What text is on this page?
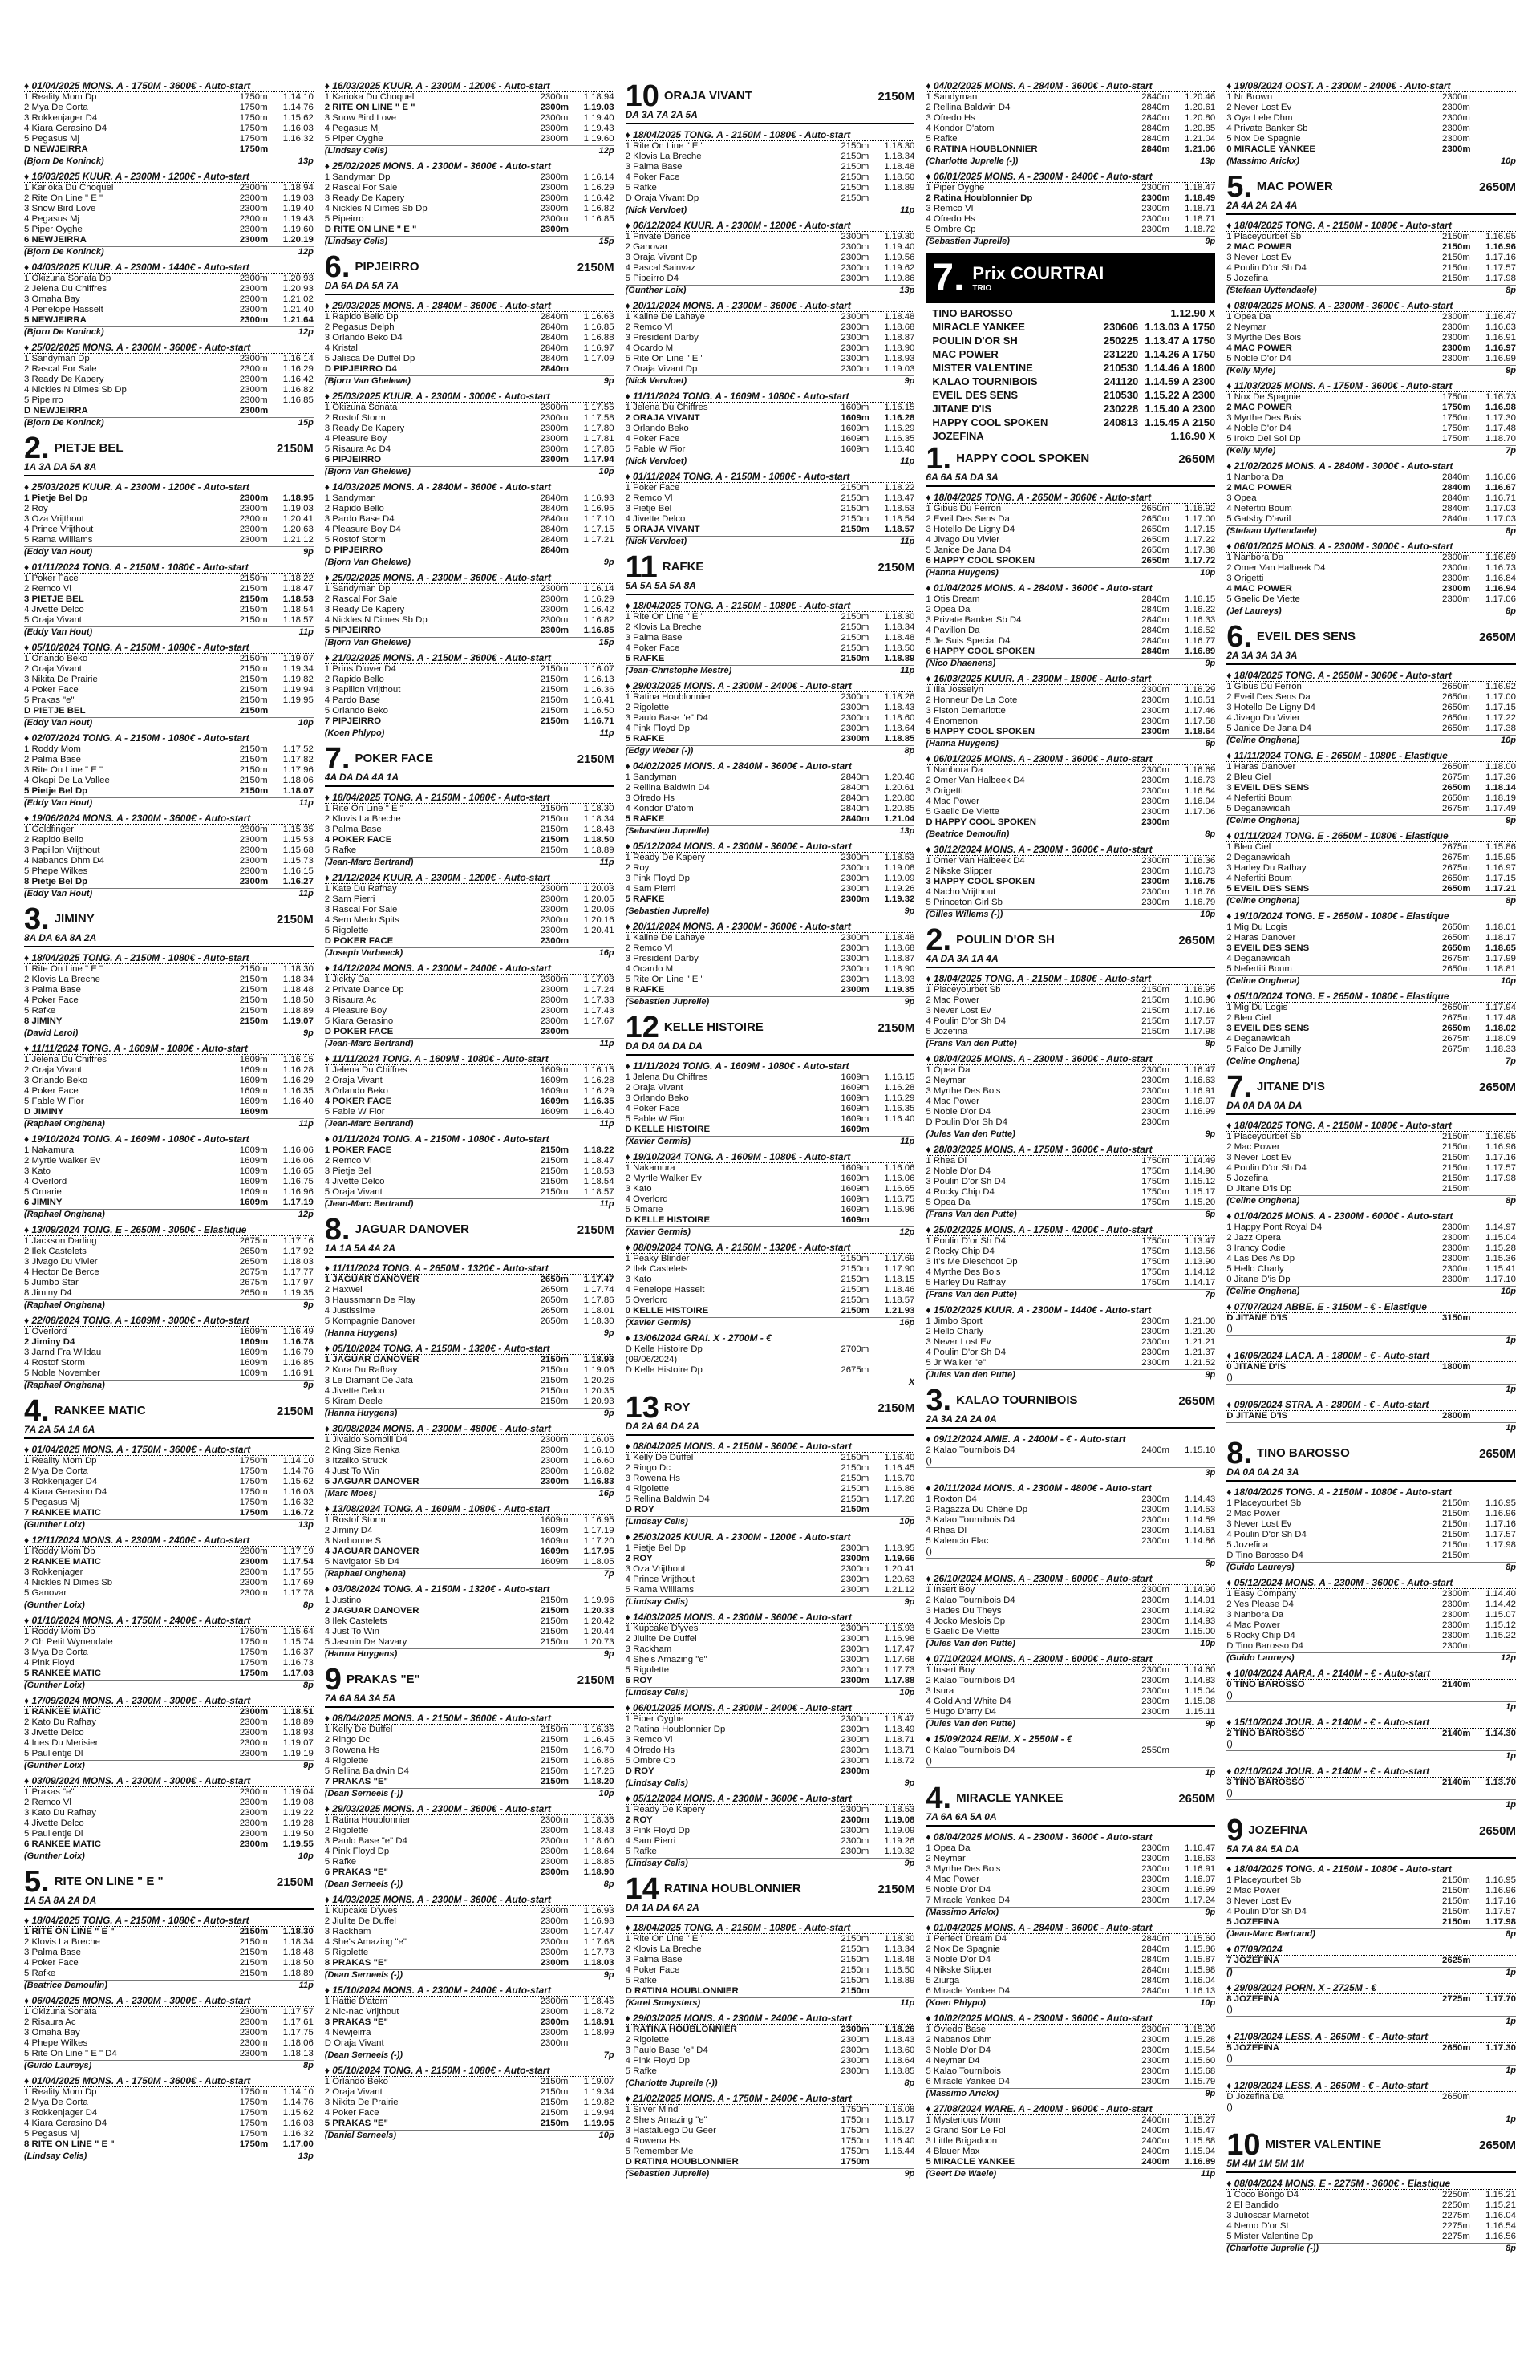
♦ 01/04/2025 MONS. A - 1750M - 3600€ - Auto-start
1 Reality Mom Dp	1750m	1.14.10
2 Mya De Corta	1750m	1.14.76
3 Rokkenjager D4	1750m	1.15.62
4 Kiara Gerasino D4	1750m	1.16.03
5 Pegasus Mj	1750m	1.16.32
D NEWJEIRRA	1750m
(Bjorn De Koninck)	13p
♦ 16/03/2025 KUUR. A - 2300M - 1200€ - Auto-start
1 Karioka Du Choquel	2300m	1.18.94
2 Rite On Line " E "	2300m	1.19.03
3 Snow Bird Love	2300m	1.19.40
4 Pegasus Mj	2300m	1.19.43
5 Piper Oyghe	2300m	1.19.60
6 NEWJEIRRA	2300m	1.20.19
(Bjorn De Koninck)	12p
♦ 04/03/2025 KUUR. A - 2300M - 1440€ - Auto-start
1 Okizuna Sonata Dp	2300m	1.20.93
2 Jelena Du Chiffres	2300m	1.20.93
3 Omaha Bay	2300m	1.21.02
4 Penelope Hasselt	2300m	1.21.40
5 NEWJEIRRA	2300m	1.21.64
(Bjorn De Koninck)	12p
♦ 25/02/2025 MONS. A - 2300M - 3600€ - Auto-start
1 Sandyman Dp	2300m	1.16.14
2 Rascal For Sale	2300m	1.16.29
3 Ready De Kapery	2300m	1.16.42
4 Nickles N Dimes Sb Dp	2300m	1.16.82
5 Pipeirro	2300m	1.16.85
D NEWJEIRRA	2300m
(Bjorn De Koninck)	15p
2. PIETJE BEL	2150M
1A 3A DA 5A 8A
♦ 25/03/2025 KUUR. A - 2300M - 1200€ - Auto-start
1 Pietje Bel Dp	2300m	1.18.95
2 Roy	2300m	1.19.03
3 Oza Vrijthout	2300m	1.20.41
4 Prince Vrijthout	2300m	1.20.63
5 Rama Williams	2300m	1.21.12
(Eddy Van Hout)	9p
♦ 01/11/2024 TONG. A - 2150M - 1080€ - Auto-start
1 Poker Face	2150m	1.18.22
2 Remco Vl	2150m	1.18.47
3 PIETJE BEL	2150m	1.18.53
4 Jivette Delco	2150m	1.18.54
5 Oraja Vivant	2150m	1.18.57
(Eddy Van Hout)	11p
♦ 05/10/2024 TONG. A - 2150M - 1080€ - Auto-start
1 Orlando Beko	2150m	1.19.07
2 Oraja Vivant	2150m	1.19.34
3 Nikita De Prairie	2150m	1.19.82
4 Poker Face	2150m	1.19.94
5 Prakas "e"	2150m	1.19.95
D PIETJE BEL	2150m
(Eddy Van Hout)	10p
♦ 02/07/2024 TONG. A - 2150M - 1080€ - Auto-start
1 Roddy Mom	2150m	1.17.52
2 Palma Base	2150m	1.17.82
3 Rite On Line " E "	2150m	1.17.96
4 Okapi De La Vallee	2150m	1.18.06
5 Pietje Bel Dp	2150m	1.18.07
(Eddy Van Hout)	11p
♦ 19/06/2024 MONS. A - 2300M - 3600€ - Auto-start
1 Goldfinger	2300m	1.15.35
2 Rapido Bello	2300m	1.15.53
3 Papillon Vrijthout	2300m	1.15.68
4 Nabanos Dhm D4	2300m	1.15.73
5 Phepe Wilkes	2300m	1.16.15
8 Pietje Bel Dp	2300m	1.16.27
(Eddy Van Hout)	11p
3. JIMINY	2150M
8A DA 6A 8A 2A
♦ 18/04/2025 TONG. A - 2150M - 1080€ - Auto-start
1 Rite On Line " E "	2150m	1.18.30
2 Klovis La Breche	2150m	1.18.34
3 Palma Base	2150m	1.18.48
4 Poker Face	2150m	1.18.50
5 Rafke	2150m	1.18.89
8 JIMINY	2150m	1.19.07
(David Leroi)	9p
♦ 11/11/2024 TONG. A - 1609M - 1080€ - Auto-start
1 Jelena Du Chiffres	1609m	1.16.15
2 Oraja Vivant	1609m	1.16.28
3 Orlando Beko	1609m	1.16.29
4 Poker Face	1609m	1.16.35
5 Fable W Fior	1609m	1.16.40
D JIMINY	1609m
(Raphael Onghena)	11p
♦ 19/10/2024 TONG. A - 1609M - 1080€ - Auto-start
1 Nakamura	1609m	1.16.06
2 Myrtle Walker Ev	1609m	1.16.06
3 Kato	1609m	1.16.65
4 Overlord	1609m	1.16.75
5 Omarie	1609m	1.16.96
6 JIMINY	1609m	1.17.19
(Raphael Onghena)	12p
♦ 13/09/2024 TONG. E - 2650M - 3060€ - Elastique
1 Jackson Darling	2675m	1.17.16
2 Ilek Castelets	2650m	1.17.92
3 Jivago Du Vivier	2650m	1.18.03
4 Hector De Berce	2675m	1.17.77
5 Jumbo Star	2675m	1.17.97
8 Jiminy D4	2650m	1.19.35
(Raphael Onghena)	9p
♦ 22/08/2024 TONG. A - 1609M - 3000€ - Auto-start
1 Overlord	1609m	1.16.49
2 Jiminy D4	1609m	1.16.78
3 Jarnd Fra Wildau	1609m	1.16.79
4 Rostof Storm	1609m	1.16.85
5 Noble November	1609m	1.16.91
(Raphael Onghena)	9p
4. RANKEE MATIC	2150M
7A 2A 5A 1A 6A
♦ 01/04/2025 MONS. A - 1750M - 3600€ - Auto-start
1 Reality Mom Dp	1750m	1.14.10
2 Mya De Corta	1750m	1.14.76
3 Rokkenjager D4	1750m	1.15.62
4 Kiara Gerasino D4	1750m	1.16.03
5 Pegasus Mj	1750m	1.16.32
7 RANKEE MATIC	1750m	1.16.72
(Gunther Loix)	13p
♦ 12/11/2024 MONS. A - 2300M - 2400€ - Auto-start
1 Roddy Mom Dp	2300m	1.17.19
2 RANKEE MATIC	2300m	1.17.54
3 Rokkenjager	2300m	1.17.55
4 Nickles N Dimes Sb	2300m	1.17.69
5 Ganovar	2300m	1.17.78
(Gunther Loix)	8p
♦ 01/10/2024 MONS. A - 1750M - 2400€ - Auto-start
1 Roddy Mom Dp	1750m	1.15.64
2 Oh Petit Wynendale	1750m	1.15.74
3 Mya De Corta	1750m	1.16.37
4 Pink Floyd	1750m	1.16.73
5 RANKEE MATIC	1750m	1.17.03
(Gunther Loix)	8p
♦ 17/09/2024 MONS. A - 2300M - 3000€ - Auto-start
1 RANKEE MATIC	2300m	1.18.51
2 Kato Du Rafhay	2300m	1.18.89
3 Jivette Delco	2300m	1.18.93
4 Ines Du Merisier	2300m	1.19.07
5 Paulientje Dl	2300m	1.19.19
(Gunther Loix)	9p
♦ 03/09/2024 MONS. A - 2300M - 3000€ - Auto-start
1 Prakas "e"	2300m	1.19.04
2 Remco Vl	2300m	1.19.08
3 Kato Du Rafhay	2300m	1.19.22
4 Jivette Delco	2300m	1.19.28
5 Paulientje Dl	2300m	1.19.50
6 RANKEE MATIC	2300m	1.19.55
(Gunther Loix)	10p
5. RITE ON LINE " E "	2150M
1A 5A 8A 2A DA
♦ 18/04/2025 TONG. A - 2150M - 1080€ - Auto-start
1 RITE ON LINE " E "	2150m	1.18.30
2 Klovis La Breche	2150m	1.18.34
3 Palma Base	2150m	1.18.48
4 Poker Face	2150m	1.18.50
5 Rafke	2150m	1.18.89
(Beatrice Demoulin)	11p
♦ 06/04/2025 MONS. A - 2300M - 3000€ - Auto-start
1 Okizuna Sonata	2300m	1.17.57
2 Risaura Ac	2300m	1.17.61
3 Omaha Bay	2300m	1.17.75
4 Phepe Wilkes	2300m	1.18.06
5 Rite On Line " E " D4	2300m	1.18.13
(Guido Laureys)	8p
♦ 01/04/2025 MONS. A - 1750M - 3600€ - Auto-start
1 Reality Mom Dp	1750m	1.14.10
2 Mya De Corta	1750m	1.14.76
3 Rokkenjager D4	1750m	1.15.62
4 Kiara Gerasino D4	1750m	1.16.03
5 Pegasus Mj	1750m	1.16.32
8 RITE ON LINE " E "	1750m	1.17.00
(Lindsay Celis)	13p
♦ 16/03/2025 KUUR. A - 2300M - 1200€ - Auto-start
1 Karioka Du Choquel	2300m	1.18.94
2 RITE ON LINE " E "	2300m	1.19.03
3 Snow Bird Love	2300m	1.19.40
4 Pegasus Mj	2300m	1.19.43
5 Piper Oyghe	2300m	1.19.60
(Lindsay Celis)	12p
♦ 25/02/2025 MONS. A - 2300M - 3600€ - Auto-start
1 Sandyman Dp	2300m	1.16.14
2 Rascal For Sale	2300m	1.16.29
3 Ready De Kapery	2300m	1.16.42
4 Nickles N Dimes Sb Dp	2300m	1.16.82
5 Pipeirro	2300m	1.16.85
D RITE ON LINE " E "	2300m
(Lindsay Celis)	15p
6. PIPJEIRRO	2150M
DA 6A DA 5A 7A
♦ 29/03/2025 MONS. A - 2840M - 3600€ - Auto-start
1 Rapido Bello Dp	2840m	1.16.63
2 Pegasus Delph	2840m	1.16.85
3 Orlando Beko D4	2840m	1.16.88
4 Kristal	2840m	1.16.97
5 Jalisca De Duffel Dp	2840m	1.17.09
D PIPJEIRRO D4	2840m
(Bjorn Van Ghelewe)	9p
♦ 25/03/2025 KUUR. A - 2300M - 3000€ - Auto-start
1 Okizuna Sonata	2300m	1.17.55
2 Rostof Storm	2300m	1.17.58
3 Ready De Kapery	2300m	1.17.80
4 Pleasure Boy	2300m	1.17.81
5 Risaura Ac D4	2300m	1.17.86
6 PIPJEIRRO	2300m	1.17.94
(Bjorn Van Ghelewe)	10p
♦ 14/03/2025 MONS. A - 2840M - 3600€ - Auto-start
1 Sandyman	2840m	1.16.93
2 Rapido Bello	2840m	1.16.95
3 Pardo Base D4	2840m	1.17.10
4 Pleasure Boy D4	2840m	1.17.15
5 Rostof Storm	2840m	1.17.21
D PIPJEIRRO	2840m
(Bjorn Van Ghelewe)	9p
♦ 25/02/2025 MONS. A - 2300M - 3600€ - Auto-start
1 Sandyman Dp	2300m	1.16.14
2 Rascal For Sale	2300m	1.16.29
3 Ready De Kapery	2300m	1.16.42
4 Nickles N Dimes Sb Dp	2300m	1.16.82
5 PIPJEIRRO	2300m	1.16.85
(Bjorn Van Ghelewe)	15p
♦ 21/02/2025 MONS. A - 2150M - 3600€ - Auto-start
1 Prins D'over D4	2150m	1.16.07
2 Rapido Bello	2150m	1.16.13
3 Papillon Vrijthout	2150m	1.16.36
4 Pardo Base	2150m	1.16.41
5 Orlando Beko	2150m	1.16.50
7 PIPJEIRRO	2150m	1.16.71
(Koen Phlypo)	11p
7. POKER FACE	2150M
4A DA DA 4A 1A
♦ 18/04/2025 TONG. A - 2150M - 1080€ - Auto-start
1 Rite On Line " E "	2150m	1.18.30
2 Klovis La Breche	2150m	1.18.34
3 Palma Base	2150m	1.18.48
4 POKER FACE	2150m	1.18.50
5 Rafke	2150m	1.18.89
(Jean-Marc Bertrand)	11p
♦ 21/12/2024 KUUR. A - 2300M - 1200€ - Auto-start
1 Kate Du Rafhay	2300m	1.20.03
2 Sam Pierri	2300m	1.20.05
3 Rascal For Sale	2300m	1.20.06
4 Sem Medo Spits	2300m	1.20.16
5 Rigolette	2300m	1.20.41
D POKER FACE	2300m
(Joseph Verbeeck)	16p
♦ 14/12/2024 MONS. A - 2300M - 2400€ - Auto-start
1 Jickty Da	2300m	1.17.03
2 Private Dance Dp	2300m	1.17.24
3 Risaura Ac	2300m	1.17.33
4 Pleasure Boy	2300m	1.17.43
5 Kiara Gerasino	2300m	1.17.67
D POKER FACE	2300m
(Jean-Marc Bertrand)	11p
♦ 11/11/2024 TONG. A - 1609M - 1080€ - Auto-start
1 Jelena Du Chiffres	1609m	1.16.15
2 Oraja Vivant	1609m	1.16.28
3 Orlando Beko	1609m	1.16.29
4 POKER FACE	1609m	1.16.35
5 Fable W Fior	1609m	1.16.40
(Jean-Marc Bertrand)	11p
♦ 01/11/2024 TONG. A - 2150M - 1080€ - Auto-start
1 POKER FACE	2150m	1.18.22
2 Remco Vl	2150m	1.18.47
3 Pietje Bel	2150m	1.18.53
4 Jivette Delco	2150m	1.18.54
5 Oraja Vivant	2150m	1.18.57
(Jean-Marc Bertrand)	11p
8. JAGUAR DANOVER	2150M
1A 1A 5A 4A 2A
♦ 11/11/2024 TONG. A - 2650M - 1320€ - Auto-start
1 JAGUAR DANOVER	2650m	1.17.47
2 Haxwel	2650m	1.17.74
3 Haussmann De Play	2650m	1.17.86
4 Justissime	2650m	1.18.01
5 Kompagnie Danover	2650m	1.18.30
(Hanna Huygens)	9p
♦ 05/10/2024 TONG. A - 2150M - 1320€ - Auto-start
1 JAGUAR DANOVER	2150m	1.18.93
2 Kora Du Rafhay	2150m	1.19.06
3 Le Diamant De Jafa	2150m	1.20.26
4 Jivette Delco	2150m	1.20.35
5 Kiram Deele	2150m	1.20.93
(Hanna Huygens)	9p
♦ 30/08/2024 MONS. A - 2300M - 4800€ - Auto-start
1 Jivaldo Somolli D4	2300m	1.16.05
2 King Size Renka	2300m	1.16.10
3 Itzalko Struck	2300m	1.16.60
4 Just To Win	2300m	1.16.82
5 JAGUAR DANOVER	2300m	1.16.83
(Marc Moes)	16p
♦ 13/08/2024 TONG. A - 1609M - 1080€ - Auto-start
1 Rostof Storm	1609m	1.16.95
2 Jiminy D4	1609m	1.17.19
3 Narbonne S	1609m	1.17.20
4 JAGUAR DANOVER	1609m	1.17.95
5 Navigator Sb D4	1609m	1.18.05
(Raphael Onghena)	7p
♦ 03/08/2024 TONG. A - 2150M - 1320€ - Auto-start
1 Justino	2150m	1.19.96
2 JAGUAR DANOVER	2150m	1.20.33
3 Ilek Castelets	2150m	1.20.42
4 Just To Win	2150m	1.20.44
5 Jasmin De Navary	2150m	1.20.73
(Hanna Huygens)	9p
9 PRAKAS "E"	2150M
7A 6A 8A 3A 5A
♦ 08/04/2025 MONS. A - 2150M - 3600€ - Auto-start
1 Kelly De Duffel	2150m	1.16.35
2 Ringo Dc	2150m	1.16.45
3 Rowena Hs	2150m	1.16.70
4 Rigolette	2150m	1.16.86
5 Rellina Baldwin D4	2150m	1.17.26
7 PRAKAS "E"	2150m	1.18.20
(Dean Serneels (-))	10p
♦ 29/03/2025 MONS. A - 2300M - 3600€ - Auto-start
1 Ratina Houblonnier	2300m	1.18.36
2 Rigolette	2300m	1.18.43
3 Paulo Base "e" D4	2300m	1.18.60
4 Pink Floyd Dp	2300m	1.18.64
5 Rafke	2300m	1.18.85
6 PRAKAS "E"	2300m	1.18.90
(Dean Serneels (-))	8p
♦ 14/03/2025 MONS. A - 2300M - 3600€ - Auto-start
1 Kupcake D'yves	2300m	1.16.93
2 Jiulite De Duffel	2300m	1.16.98
3 Rackham	2300m	1.17.47
4 She's Amazing "e"	2300m	1.17.68
5 Rigolette	2300m	1.17.73
8 PRAKAS "E"	2300m	1.18.03
(Dean Serneels (-))	9p
♦ 15/10/2024 MONS. A - 2300M - 2400€ - Auto-start
1 Hattie D'atom	2300m	1.18.45
2 Nic-nac Vrijthout	2300m	1.18.72
3 PRAKAS "E"	2300m	1.18.91
4 Newjeirra	2300m	1.18.99
D Oraja Vivant	2300m
(Dean Serneels (-))	7p
♦ 05/10/2024 TONG. A - 2150M - 1080€ - Auto-start
1 Orlando Beko	2150m	1.19.07
2 Oraja Vivant	2150m	1.19.34
3 Nikita De Prairie	2150m	1.19.82
4 Poker Face	2150m	1.19.94
5 PRAKAS "E"	2150m	1.19.95
(Daniel Serneels)	10p
10 ORAJA VIVANT	2150M
DA 3A 7A 2A 5A
♦ 18/04/2025 TONG. A - 2150M - 1080€ - Auto-start
1 Rite On Line " E "	2150m	1.18.30
2 Klovis La Breche	2150m	1.18.34
3 Palma Base	2150m	1.18.48
4 Poker Face	2150m	1.18.50
5 Rafke	2150m	1.18.89
D Oraja Vivant Dp	2150m
(Nick Vervloet)	11p
♦ 06/12/2024 KUUR. A - 2300M - 1200€ - Auto-start
1 Private Dance	2300m	1.19.30
2 Ganovar	2300m	1.19.40
3 Oraja Vivant Dp	2300m	1.19.56
4 Pascal Sainvaz	2300m	1.19.62
5 Pipeirro D4	2300m	1.19.86
(Gunther Loix)	13p
♦ 20/11/2024 MONS. A - 2300M - 3600€ - Auto-start
1 Kaline De Lahaye	2300m	1.18.48
2 Remco Vl	2300m	1.18.68
3 President Darby	2300m	1.18.87
4 Ocardo M	2300m	1.18.90
5 Rite On Line " E "	2300m	1.18.93
7 Oraja Vivant Dp	2300m	1.19.03
(Nick Vervloet)	9p
♦ 11/11/2024 TONG. A - 1609M - 1080€ - Auto-start
1 Jelena Du Chiffres	1609m	1.16.15
2 ORAJA VIVANT	1609m	1.16.28
3 Orlando Beko	1609m	1.16.29
4 Poker Face	1609m	1.16.35
5 Fable W Fior	1609m	1.16.40
(Nick Vervloet)	11p
♦ 01/11/2024 TONG. A - 2150M - 1080€ - Auto-start
1 Poker Face	2150m	1.18.22
2 Remco Vl	2150m	1.18.47
3 Pietje Bel	2150m	1.18.53
4 Jivette Delco	2150m	1.18.54
5 ORAJA VIVANT	2150m	1.18.57
(Nick Vervloet)	11p
11 RAFKE	2150M
5A 5A 5A 5A 8A
♦ 18/04/2025 TONG. A - 2150M - 1080€ - Auto-start
1 Rite On Line " E "	2150m	1.18.30
2 Klovis La Breche	2150m	1.18.34
3 Palma Base	2150m	1.18.48
4 Poker Face	2150m	1.18.50
5 RAFKE	2150m	1.18.89
(Jean-Christophe Mestré)	11p
♦ 29/03/2025 MONS. A - 2300M - 2400€ - Auto-start
1 Ratina Houblonnier	2300m	1.18.26
2 Rigolette	2300m	1.18.43
3 Paulo Base "e" D4	2300m	1.18.60
4 Pink Floyd Dp	2300m	1.18.64
5 RAFKE	2300m	1.18.85
(Edgy Weber (-))	8p
♦ 04/02/2025 MONS. A - 2840M - 3600€ - Auto-start
1 Sandyman	2840m	1.20.46
2 Rellina Baldwin D4	2840m	1.20.61
3 Ofredo Hs	2840m	1.20.80
4 Kondor D'atom	2840m	1.20.85
5 RAFKE	2840m	1.21.04
(Sebastien Juprelle)	13p
♦ 05/12/2024 MONS. A - 2300M - 3600€ - Auto-start
1 Ready De Kapery	2300m	1.18.53
2 Roy	2300m	1.19.08
3 Pink Floyd Dp	2300m	1.19.09
4 Sam Pierri	2300m	1.19.26
5 RAFKE	2300m	1.19.32
(Sebastien Juprelle)	9p
♦ 20/11/2024 MONS. A - 2300M - 3600€ - Auto-start
1 Kaline De Lahaye	2300m	1.18.48
2 Remco Vl	2300m	1.18.68
3 President Darby	2300m	1.18.87
4 Ocardo M	2300m	1.18.90
5 Rite On Line " E "	2300m	1.18.93
8 RAFKE	2300m	1.19.35
(Sebastien Juprelle)	9p
12 KELLE HISTOIRE	2150M
DA DA 0A DA DA
♦ 11/11/2024 TONG. A - 1609M - 1080€ - Auto-start
1 Jelena Du Chiffres	1609m	1.16.15
2 Oraja Vivant	1609m	1.16.28
3 Orlando Beko	1609m	1.16.29
4 Poker Face	1609m	1.16.35
5 Fable W Fior	1609m	1.16.40
D KELLE HISTOIRE	1609m
(Xavier Germis)	11p
♦ 19/10/2024 TONG. A - 1609M - 1080€ - Auto-start
1 Nakamura	1609m	1.16.06
2 Myrtle Walker Ev	1609m	1.16.06
3 Kato	1609m	1.16.65
4 Overlord	1609m	1.16.75
5 Omarie	1609m	1.16.96
D KELLE HISTOIRE	1609m
(Xavier Germis)	12p
♦ 08/09/2024 TONG. A - 2150M - 1320€ - Auto-start
1 Peaky Blinder	2150m	1.17.69
2 Ilek Castelets	2150m	1.17.90
3 Kato	2150m	1.18.15
4 Penelope Hasselt	2150m	1.18.46
5 Overlord	2150m	1.18.57
0 KELLE HISTOIRE	2150m	1.21.93
(Xavier Germis)	16p
♦ 13/06/2024 GRAI. X - 2700M - €
D Kelle Histoire Dp	2700m
(09/06/2024)
D Kelle Histoire Dp	2675m
X
13 ROY	2150M
DA 2A 6A DA 2A
♦ 08/04/2025 MONS. A - 2150M - 3600€ - Auto-start
1 Kelly De Duffel	2150m	1.16.40
2 Ringo Dc	2150m	1.16.45
3 Rowena Hs	2150m	1.16.70
4 Rigolette	2150m	1.16.86
5 Rellina Baldwin D4	2150m	1.17.26
D ROY	2150m
(Lindsay Celis)	10p
♦ 25/03/2025 KUUR. A - 2300M - 1200€ - Auto-start
1 Pietje Bel Dp	2300m	1.18.95
2 ROY	2300m	1.19.66
3 Oza Vrijthout	2300m	1.20.41
4 Prince Vrijthout	2300m	1.20.63
5 Rama Williams	2300m	1.21.12
(Lindsay Celis)	9p
♦ 14/03/2025 MONS. A - 2300M - 3600€ - Auto-start
1 Kupcake D'yves	2300m	1.16.93
2 Jiulite De Duffel	2300m	1.16.98
3 Rackham	2300m	1.17.47
4 She's Amazing "e"	2300m	1.17.68
5 Rigolette	2300m	1.17.73
6 ROY	2300m	1.17.88
(Lindsay Celis)	10p
♦ 06/01/2025 MONS. A - 2300M - 2400€ - Auto-start
1 Piper Oyghe	2300m	1.18.47
2 Ratina Houblonnier Dp	2300m	1.18.49
3 Remco Vl	2300m	1.18.71
4 Ofredo Hs	2300m	1.18.71
5 Ombre Cp	2300m	1.18.72
D ROY	2300m
(Lindsay Celis)	9p
♦ 05/12/2024 MONS. A - 2300M - 3600€ - Auto-start
1 Ready De Kapery	2300m	1.18.53
2 ROY	2300m	1.19.08
3 Pink Floyd Dp	2300m	1.19.09
4 Sam Pierri	2300m	1.19.26
5 Rafke	2300m	1.19.32
(Lindsay Celis)	9p
14 RATINA HOUBLONNIER	2150M
DA 1A DA 6A 2A
♦ 18/04/2025 TONG. A - 2150M - 1080€ - Auto-start
1 Rite On Line " E "	2150m	1.18.30
2 Klovis La Breche	2150m	1.18.34
3 Palma Base	2150m	1.18.48
4 Poker Face	2150m	1.18.50
5 Rafke	2150m	1.18.89
D RATINA HOUBLONNIER	2150m
(Karel Smeysters)	11p
♦ 29/03/2025 MONS. A - 2300M - 2400€ - Auto-start
1 RATINA HOUBLONNIER	2300m	1.18.26
2 Rigolette	2300m	1.18.43
3 Paulo Base "e" D4	2300m	1.18.60
4 Pink Floyd Dp	2300m	1.18.64
5 Rafke	2300m	1.18.85
(Charlotte Juprelle (-))	8p
♦ 21/02/2025 MONS. A - 1750M - 2400€ - Auto-start
1 Silver Mind	1750m	1.16.08
2 She's Amazing "e"	1750m	1.16.17
3 Hastaluego Du Geer	1750m	1.16.27
4 Rowena Hs	1750m	1.16.40
5 Remember Me	1750m	1.16.44
D RATINA HOUBLONNIER	1750m
(Sebastien Juprelle)	9p
♦ 04/02/2025 MONS. A - 2840M - 3600€ - Auto-start
1 Sandyman	2840m	1.20.46
2 Rellina Baldwin D4	2840m	1.20.61
3 Ofredo Hs	2840m	1.20.80
4 Kondor D'atom	2840m	1.20.85
5 Rafke	2840m	1.21.04
6 RATINA HOUBLONNIER	2840m	1.21.06
(Charlotte Juprelle (-))	13p
♦ 06/01/2025 MONS. A - 2300M - 2400€ - Auto-start
1 Piper Oyghe	2300m	1.18.47
2 Ratina Houblonnier Dp	2300m	1.18.49
3 Remco Vl	2300m	1.18.71
4 Ofredo Hs	2300m	1.18.71
5 Ombre Cp	2300m	1.18.72
(Sebastien Juprelle)	9p
7. Prix COURTRAI
TRIO
TINO BAROSSO	1.12.90 X
MIRACLE YANKEE	230606 1.13.03 A 1750
POULIN D'OR SH	250225 1.13.47 A 1750
MAC POWER	231220 1.14.26 A 1750
MISTER VALENTINE	210530 1.14.46 A 1800
KALAO TOURNIBOIS	241120 1.14.59 A 2300
EVEIL DES SENS	210530 1.15.22 A 2300
JITANE D'IS	230228 1.15.40 A 2300
HAPPY COOL SPOKEN	240813 1.15.45 A 2150
JOZEFINA	1.16.90 X
1. HAPPY COOL SPOKEN	2650M
6A 6A 5A DA 3A
♦ 18/04/2025 TONG. A - 2650M - 3060€ - Auto-start
1 Gibus Du Ferron	2650m	1.16.92
2 Eveil Des Sens Da	2650m	1.17.00
3 Hotello De Ligny D4	2650m	1.17.15
4 Jivago Du Vivier	2650m	1.17.22
5 Janice De Jana D4	2650m	1.17.38
6 HAPPY COOL SPOKEN	2650m	1.17.72
(Hanna Huygens)	10p
♦ 01/04/2025 MONS. A - 2840M - 3600€ - Auto-start
1 Otis Dream	2840m	1.16.15
2 Opea Da	2840m	1.16.22
3 Private Banker Sb D4	2840m	1.16.33
4 Pavillon Da	2840m	1.16.52
5 Je Suis Special D4	2840m	1.16.77
6 HAPPY COOL SPOKEN	2840m	1.16.89
(Nico Dhaenens)	9p
♦ 16/03/2025 KUUR. A - 2300M - 1800€ - Auto-start
1 Ilia Josselyn	2300m	1.16.29
2 Honneur De La Cote	2300m	1.16.51
3 Fiston Demarlotte	2300m	1.17.46
4 Enomenon	2300m	1.17.58
5 HAPPY COOL SPOKEN	2300m	1.18.64
(Hanna Huygens)	6p
♦ 06/01/2025 MONS. A - 2300M - 3600€ - Auto-start
1 Nanbora Da	2300m	1.16.69
2 Omer Van Halbeek D4	2300m	1.16.73
3 Origetti	2300m	1.16.84
4 Mac Power	2300m	1.16.94
5 Gaelic De Viette	2300m	1.17.06
D HAPPY COOL SPOKEN	2300m
(Beatrice Demoulin)	8p
♦ 30/12/2024 MONS. A - 2300M - 3600€ - Auto-start
1 Omer Van Halbeek D4	2300m	1.16.36
2 Nikske Slipper	2300m	1.16.73
3 HAPPY COOL SPOKEN	2300m	1.16.75
4 Nacho Vrijthout	2300m	1.16.76
5 Princeton Girl Sb	2300m	1.16.79
(Gilles Willems (-))	10p
2. POULIN D'OR SH	2650M
4A DA 3A 1A 4A
♦ 18/04/2025 TONG. A - 2150M - 1080€ - Auto-start
1 Placeyourbet Sb	2150m	1.16.95
2 Mac Power	2150m	1.16.96
3 Never Lost Ev	2150m	1.17.16
4 Poulin D'or Sh D4	2150m	1.17.57
5 Jozefina	2150m	1.17.98
(Frans Van den Putte)	8p
♦ 08/04/2025 MONS. A - 2300M - 3600€ - Auto-start
1 Opea Da	2300m	1.16.47
2 Neymar	2300m	1.16.63
3 Myrthe Des Bois	2300m	1.16.91
4 Mac Power	2300m	1.16.97
5 Noble D'or D4	2300m	1.16.99
D Poulin D'or Sh D4	2300m
(Jules Van den Putte)	9p
♦ 28/03/2025 MONS. A - 1750M - 3600€ - Auto-start
1 Rhea Dl	1750m	1.14.49
2 Noble D'or D4	1750m	1.14.90
3 Poulin D'or Sh D4	1750m	1.15.12
4 Rocky Chip D4	1750m	1.15.17
5 Opea Da	1750m	1.15.20
(Frans Van den Putte)	6p
♦ 25/02/2025 MONS. A - 1750M - 4200€ - Auto-start
1 Poulin D'or Sh D4	1750m	1.13.47
2 Rocky Chip D4	1750m	1.13.56
3 It's Me Dieschoot Dp	1750m	1.13.90
4 Myrthe Des Bois	1750m	1.14.12
5 Harley Du Rafhay	1750m	1.14.17
(Frans Van den Putte)	7p
♦ 15/02/2025 KUUR. A - 2300M - 1440€ - Auto-start
1 Jimbo Sport	2300m	1.21.00
2 Hello Charly	2300m	1.21.20
3 Never Lost Ev	2300m	1.21.21
4 Poulin D'or Sh D4	2300m	1.21.37
5 Jr Walker "e"	2300m	1.21.52
(Jules Van den Putte)	9p
3. KALAO TOURNIBOIS	2650M
2A 3A 2A 2A 0A
♦ 09/12/2024 AMIE. A - 2400M - € - Auto-start
2 Kalao Tournibois D4	2400m	1.15.10
()
3p
♦ 20/11/2024 MONS. A - 2300M - 4800€ - Auto-start
1 Roxton D4	2300m	1.14.43
2 Ragazza Du Chêne Dp	2300m	1.14.53
3 Kalao Tournibois D4	2300m	1.14.59
4 Rhea Dl	2300m	1.14.61
5 Kalencio Flac	2300m	1.14.86
()
6p
♦ 26/10/2024 MONS. A - 2300M - 6000€ - Auto-start
1 Insert Boy	2300m	1.14.90
2 Kalao Tournibois D4	2300m	1.14.91
3 Hades Du Theys	2300m	1.14.92
4 Jocko Meslois Dp	2300m	1.14.93
5 Gaelic De Viette	2300m	1.15.00
(Jules Van den Putte)	10p
♦ 07/10/2024 MONS. A - 2300M - 6000€ - Auto-start
1 Insert Boy	2300m	1.14.60
2 Kalao Tournibois D4	2300m	1.14.83
3 Isura	2300m	1.15.04
4 Gold And White D4	2300m	1.15.08
5 Hugo D'arry D4	2300m	1.15.11
(Jules Van den Putte)	9p
♦ 15/09/2024 REIM. X - 2550M - €
0 Kalao Tournibois D4	2550m
()
1p
4. MIRACLE YANKEE	2650M
7A 6A 6A 5A 0A
♦ 08/04/2025 MONS. A - 2300M - 3600€ - Auto-start
1 Opea Da	2300m	1.16.47
2 Neymar	2300m	1.16.63
3 Myrthe Des Bois	2300m	1.16.91
4 Mac Power	2300m	1.16.97
5 Noble D'or D4	2300m	1.16.99
7 Miracle Yankee D4	2300m	1.17.24
(Massimo Arickx)	9p
♦ 01/04/2025 MONS. A - 2840M - 3600€ - Auto-start
1 Perfect Dream D4	2840m	1.15.60
2 Nox De Spagnie	2840m	1.15.86
3 Noble D'or D4	2840m	1.15.87
4 Nikske Slipper	2840m	1.15.98
5 Ziurga	2840m	1.16.04
6 Miracle Yankee D4	2840m	1.16.13
(Koen Phlypo)	10p
♦ 10/02/2025 MONS. A - 2300M - 3600€ - Auto-start
1 Oviedo Base	2300m	1.15.20
2 Nabanos Dhm	2300m	1.15.28
3 Noble D'or D4	2300m	1.15.54
4 Neymar D4	2300m	1.15.60
5 Kalao Tournibois	2300m	1.15.68
6 Miracle Yankee D4	2300m	1.15.79
(Massimo Arickx)	9p
♦ 27/08/2024 WARE. A - 2400M - 9600€ - Auto-start
1 Mysterious Mom	2400m	1.15.27
2 Grand Soir Le Fol	2400m	1.15.47
3 Little Brigadoon	2400m	1.15.88
4 Blauer Max	2400m	1.15.94
5 MIRACLE YANKEE	2400m	1.16.89
(Geert De Waele)	11p
♦ 19/08/2024 OOST. A - 2300M - 2400€ - Auto-start
1 Nr Brown	2300m
2 Never Lost Ev	2300m
3 Oya Lele Dhm	2300m
4 Private Banker Sb	2300m
5 Nox De Spagnie	2300m
0 MIRACLE YANKEE	2300m
(Massimo Arickx)	10p
5. MAC POWER	2650M
2A 4A 2A 2A 4A
♦ 18/04/2025 TONG. A - 2150M - 1080€ - Auto-start
1 Placeyourbet Sb	2150m	1.16.95
2 MAC POWER	2150m	1.16.96
3 Never Lost Ev	2150m	1.17.16
4 Poulin D'or Sh D4	2150m	1.17.57
5 Jozefina	2150m	1.17.98
(Stefaan Uyttendaele)	8p
♦ 08/04/2025 MONS. A - 2300M - 3600€ - Auto-start
1 Opea Da	2300m	1.16.47
2 Neymar	2300m	1.16.63
3 Myrthe Des Bois	2300m	1.16.91
4 MAC POWER	2300m	1.16.97
5 Noble D'or D4	2300m	1.16.99
(Kelly Myle)	9p
♦ 11/03/2025 MONS. A - 1750M - 3600€ - Auto-start
1 Nox De Spagnie	1750m	1.16.73
2 MAC POWER	1750m	1.16.98
3 Myrthe Des Bois	1750m	1.17.30
4 Noble D'or D4	1750m	1.17.48
5 Iroko Del Sol Dp	1750m	1.18.70
(Kelly Myle)	7p
♦ 21/02/2025 MONS. A - 2840M - 3000€ - Auto-start
1 Nanbora Da	2840m	1.16.66
2 MAC POWER	2840m	1.16.67
3 Opea	2840m	1.16.71
4 Nefertiti Boum	2840m	1.17.03
5 Gatsby D'avril	2840m	1.17.03
(Stefaan Uyttendaele)	8p
♦ 06/01/2025 MONS. A - 2300M - 3000€ - Auto-start
1 Nanbora Da	2300m	1.16.69
2 Omer Van Halbeek D4	2300m	1.16.73
3 Origetti	2300m	1.16.84
4 MAC POWER	2300m	1.16.94
5 Gaelic De Viette	2300m	1.17.06
(Jef Laureys)	8p
6. EVEIL DES SENS	2650M
2A 3A 3A 3A 3A
♦ 18/04/2025 TONG. A - 2650M - 3060€ - Auto-start
1 Gibus Du Ferron	2650m	1.16.92
2 Eveil Des Sens Da	2650m	1.17.00
3 Hotello De Ligny D4	2650m	1.17.15
4 Jivago Du Vivier	2650m	1.17.22
5 Janice De Jana D4	2650m	1.17.38
(Celine Onghena)	10p
♦ 11/11/2024 TONG. E - 2650M - 1080€ - Elastique
1 Haras Danover	2650m	1.18.00
2 Bleu Ciel	2675m	1.17.36
3 EVEIL DES SENS	2650m	1.18.14
4 Nefertiti Boum	2650m	1.18.19
5 Deganawidah	2675m	1.17.49
(Celine Onghena)	9p
♦ 01/11/2024 TONG. E - 2650M - 1080€ - Elastique
1 Bleu Ciel	2675m	1.15.86
2 Deganawidah	2675m	1.15.95
3 Harley Du Rafhay	2675m	1.16.97
4 Nefertiti Boum	2650m	1.17.15
5 EVEIL DES SENS	2650m	1.17.21
(Celine Onghena)	8p
♦ 19/10/2024 TONG. E - 2650M - 1080€ - Elastique
1 Mig Du Logis	2650m	1.18.01
2 Haras Danover	2650m	1.18.17
3 EVEIL DES SENS	2650m	1.18.65
4 Deganawidah	2675m	1.17.99
5 Nefertiti Boum	2650m	1.18.81
(Celine Onghena)	10p
♦ 05/10/2024 TONG. E - 2650M - 1080€ - Elastique
1 Mig Du Logis	2650m	1.17.94
2 Bleu Ciel	2675m	1.17.48
3 EVEIL DES SENS	2650m	1.18.02
4 Deganawidah	2675m	1.18.09
5 Falco De Jumilly	2675m	1.18.33
(Celine Onghena)	7p
7. JITANE D'IS	2650M
DA 0A DA 0A DA
♦ 18/04/2025 TONG. A - 2150M - 1080€ - Auto-start
1 Placeyourbet Sb	2150m	1.16.95
2 Mac Power	2150m	1.16.96
3 Never Lost Ev	2150m	1.17.16
4 Poulin D'or Sh D4	2150m	1.17.57
5 Jozefina	2150m	1.17.98
D Jitane D'is Dp	2150m
(Celine Onghena)	8p
♦ 01/04/2025 MONS. A - 2300M - 6000€ - Auto-start
1 Happy Pont Royal D4	2300m	1.14.97
2 Jazz Opera	2300m	1.15.04
3 Irancy Codie	2300m	1.15.28
4 Las Des As Dp	2300m	1.15.36
5 Hello Charly	2300m	1.15.41
0 Jitane D'is Dp	2300m	1.17.10
(Celine Onghena)	10p
♦ 07/07/2024 ABBE. E - 3150M - € - Elastique
D JITANE D'IS	3150m
()
1p
♦ 16/06/2024 LACA. A - 1800M - € - Auto-start
0 JITANE D'IS	1800m
()
1p
♦ 09/06/2024 STRA. A - 2800M - € - Auto-start
D JITANE D'IS	2800m
1p
8. TINO BAROSSO	2650M
DA 0A 0A 2A 3A
♦ 18/04/2025 TONG. A - 2150M - 1080€ - Auto-start
1 Placeyourbet Sb	2150m	1.16.95
2 Mac Power	2150m	1.16.96
3 Never Lost Ev	2150m	1.17.16
4 Poulin D'or Sh D4	2150m	1.17.57
5 Jozefina	2150m	1.17.98
D Tino Barosso D4	2150m
(Guido Laureys)	8p
♦ 05/12/2024 MONS. A - 2300M - 3600€ - Auto-start
1 Easy Company	2300m	1.14.40
2 Yes Please D4	2300m	1.14.42
3 Nanbora Da	2300m	1.15.07
4 Mac Power	2300m	1.15.12
5 Rocky Chip D4	2300m	1.15.22
D Tino Barosso D4	2300m
(Guido Laureys)	12p
♦ 10/04/2024 AARA. A - 2140M - € - Auto-start
0 TINO BAROSSO	2140m
()
1p
♦ 15/10/2024 JOUR. A - 2140M - € - Auto-start
2 TINO BAROSSO	2140m	1.14.30
()
1p
♦ 02/10/2024 JOUR. A - 2140M - € - Auto-start
3 TINO BAROSSO	2140m	1.13.70
()
1p
9 JOZEFINA	2650M
5A 7A 8A 5A DA
♦ 18/04/2025 TONG. A - 2150M - 1080€ - Auto-start
1 Placeyourbet Sb	2150m	1.16.95
2 Mac Power	2150m	1.16.96
3 Never Lost Ev	2150m	1.17.16
4 Poulin D'or Sh D4	2150m	1.17.57
5 JOZEFINA	2150m	1.17.98
(Jean-Marc Bertrand)	8p
♦ 07/09/2024
7 JOZEFINA	2625m
()	1p
♦ 29/08/2024 PORN. X - 2725M - €
8 JOZEFINA	2725m	1.17.70
()
1p
♦ 21/08/2024 LESS. A - 2650M - € - Auto-start
5 JOZEFINA	2650m	1.17.30
()
1p
♦ 12/08/2024 LESS. A - 2650M - € - Auto-start
D Jozefina Da	2650m
()
1p
10 MISTER VALENTINE	2650M
5M 4M 1M 5M 1M
♦ 08/04/2024 MONS. E - 2275M - 3600€ - Elastique
1 Coco Bongo D4	2250m	1.15.21
2 El Bandido	2250m	1.15.21
3 Julioscar Marnetot	2275m	1.16.04
4 Nemo D'or St	2275m	1.16.54
5 Mister Valentine Dp	2275m	1.16.56
(Charlotte Juprelle (-))	8p
